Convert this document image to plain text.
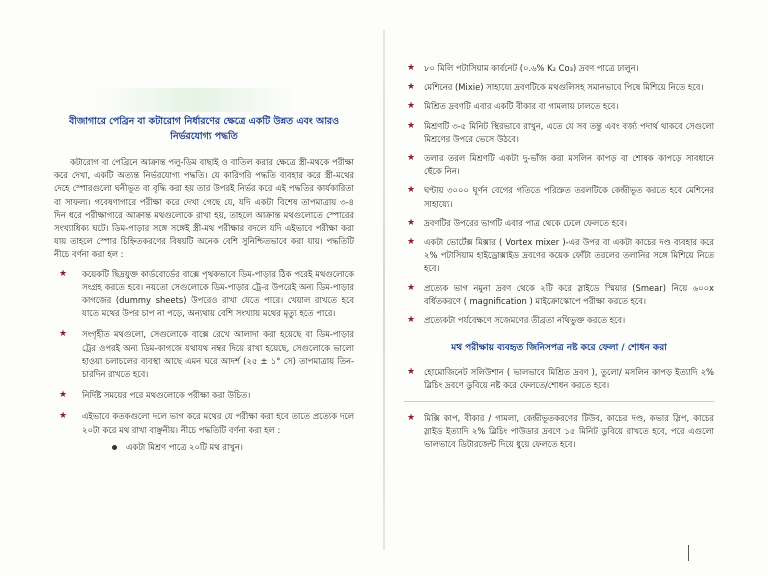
বীজাগারে পেব্রিন বা কটারোগ নির্ধারণের ক্ষেত্রে একটি উন্নত এবং আরও নির্ভরযোগ্য পদ্ধতি

কটারোগ বা পেব্রিনে আক্রান্ত পলু-ডিম বাছাই ও বাতিল করার ক্ষেত্রে স্ত্রী-মথকে পরীক্ষা করে দেখা, একটি অত্যন্ত নির্ভরযোগ্য পদ্ধতি। যে কারিগরি পদ্ধতি ব্যবহার করে স্ত্রী-মথের দেহে স্পোরগুলো ঘনীভূত বা বৃদ্ধি করা হয় তার উপরই নির্ভর করে এই পদ্ধতির কার্যকারিতা বা সাফল্য। গবেষণাগারে পরীক্ষা করে দেখা গেছে যে, যদি একটা বিশেষ তাপমাত্রায় ৩-৪ দিন ধরে পরীক্ষাগারে আক্রান্ত মথগুলোকে রাখা হয়, তাহলে আক্রান্ত মথগুলোতে স্পোরের সংখ্যাধিক্য ঘটে। ডিম-পাড়ার সঙ্গে সঙ্গেই স্ত্রী-মথ পরীক্ষার বদলে যদি এইভাবে পরীক্ষা করা যায় তাহলে স্পোর চিহ্নিতকরণের বিষয়টি অনেক বেশি সুনিশ্চিতভাবে করা যায়। পদ্ধতিটি নীচে বর্ণনা করা হল :

★ কয়েকটি ছিদ্রযুক্ত কার্ডবোর্ডের বাক্সে পৃথকভাবে ডিম-পাড়ার ঠিক পরেই মথগুলোকে সংগ্রহ করতে হবে। নয়তো সেগুলোকে ডিম-পাড়ার ট্রে-র উপরেই অন্য ডিম-পাড়ার কাগজের (dummy sheets) উপরেও রাখা যেতে পারে। খেয়াল রাখতে হবে যাতে মথের উপর চাপ না পড়ে, অন্যথায় বেশি সংখ্যায় মথের মৃত্যু হতে পারে।
★ সংগৃহীত মথগুলো, সেগুলোকে বাক্সে রেখে আলাদা করা হয়েছে বা ডিম-পাড়ার ট্রের ওপরই অন্য ডিম-কাগজে যথাযথ নম্বর দিয়ে রাখা হয়েছে, সেগুলোকে ভালো হাওয়া চলাচলের ব্যবস্থা আছে এমন ঘরে আদর্শ (২৫ ± ১° সে) তাপমাত্রায় তিন-চারদিন রাখতে হবে।
★ নির্দিষ্ট সময়ের পরে মথগুলোকে পরীক্ষা করা উচিত।
★ এইভাবে কতকগুলো দলে ভাগ করে মথের যে পরীক্ষা করা হবে তাতে প্রত্যেক দলে ২০টা করে মথ রাখা বাঞ্ছনীয়। নীচে পদ্ধতিটি বর্ণনা করা হল :
একটা মিশ্রণ পাত্রে ২০টি মথ রাখুন।
★ ৮০ মিলি পটাসিয়াম কার্বনেট (০.৬% K₂ Co₃) দ্রবণ পাত্রে ঢালুন।
★ মেশিনের (Mixie) সাহায্যে দ্রবণটিকে মথগুলিসহ সমানভাবে পিষে মিশিয়ে নিতে হবে।
★ মিশ্রিত দ্রবণটি এবার একটি বীকার বা গামলায় ঢালতে হবে।
★ মিশ্রণটি ৩-৫ মিনিট স্থিরভাবে রাখুন, এতে যে সব তন্তু এবং বর্জ্য পদার্থ থাকবে সেগুলো মিশ্রণের উপরে ভেসে উঠবে।
★ তলার তরল মিশ্রণটি একটা দু-ভাঁজ করা মসলিন কাপড় বা শোষক কাপড়ে সাবধানে ছেঁকে নিন।
★ ঘণ্টায় ৩০০০ ঘূর্ণন বেগের গতিতে পরিস্রুত তরলটিকে কেন্দ্রীভূত করতে হবে মেশিনের সাহায্যে।
★ দ্রবণটির উপরের ভাগটি এবার পাত্র থেকে ঢেলে ফেলতে হবে।
★ একটা ভোর্টেক্স মিক্সার ( Vortex mixer )-এর উপর বা একটা কাচের দণ্ড ব্যবহার করে ২% পটাসিয়াম হাইড্রোক্সাইড দ্রবণের কয়েক ফোঁটা তরলের তলানির সঙ্গে মিশিয়ে নিতে হবে।
★ প্রত্যেক ভাগ নমুনা দ্রবণ থেকে ২টি করে স্লাইডে স্মিয়ার (Smear) নিয়ে ৬০০x বর্ধিতকরণে ( magnification ) মাইক্রোস্কোপে পরীক্ষা করতে হবে।
★ প্রত্যেকটা পর্যবেক্ষণে সজেমণের তীব্রতা নথিভুক্ত করতে হবে।
মথ পরীক্ষায় ব্যবহৃত জিনিসপত্র নষ্ট করে ফেলা / শোধন করা
★ হোমোজিনেট সলিউশান ( ভালভাবে মিশ্রিত দ্রবণ ), তুলো/ মসলিন কাপড় ইত্যাদি ২% ব্লিচিং দ্রবণে ডুবিয়ে নষ্ট করে ফেলতে/শোধন করতে হবে।
★ মিক্সি কাপ, বীকার / গামলা, কেন্দ্রীভূতকরণের টিউব, কাচের দণ্ড, কভার স্লিপ, কাচের স্লাইড ইত্যাদি ২% ব্লিচিং পাউডার দ্রবণে ১৫ মিনিট ডুবিয়ে রাখতে হবে, পরে এগুলো ভালভাবে ডিটারজেন্ট দিয়ে ধুয়ে ফেলতে হবে।
